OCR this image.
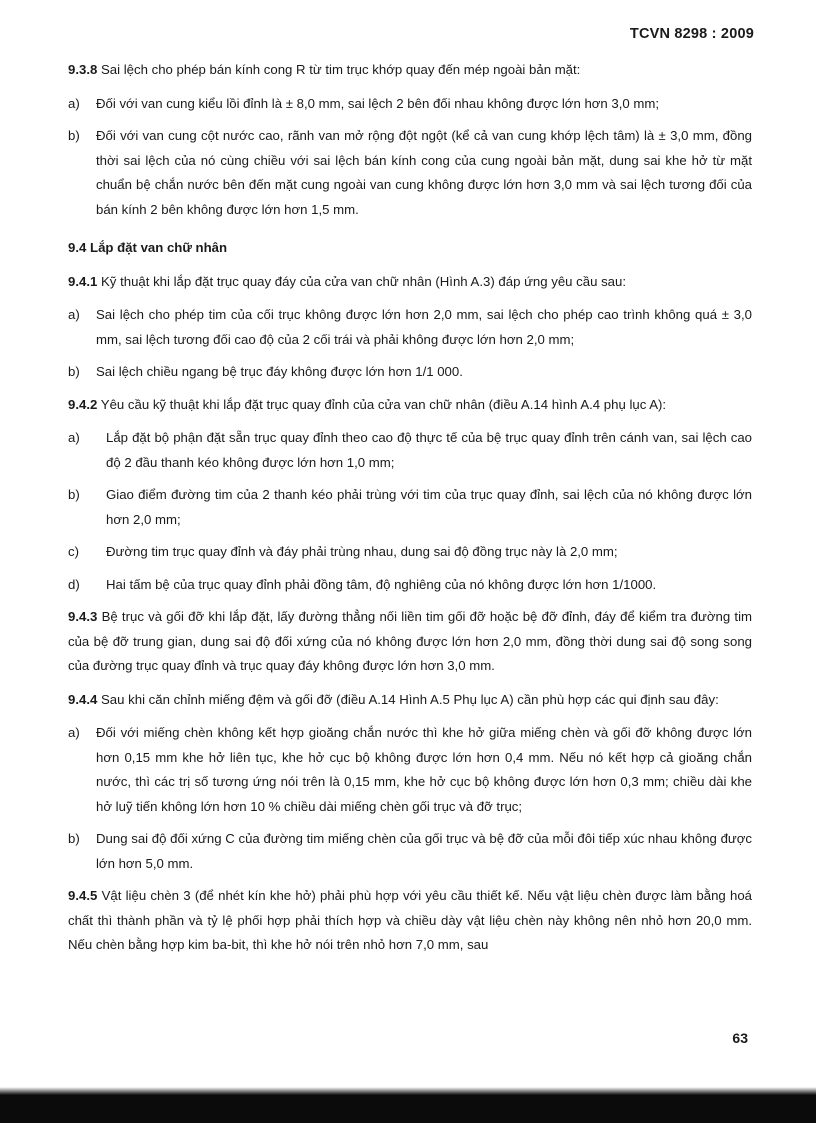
TCVN 8298 : 2009

9.3.8 Sai lệch cho phép bán kính cong R từ tim trục khớp quay đến mép ngoài bản mặt:

a)	Đối với van cung kiểu lồi đỉnh là ± 8,0 mm, sai lệch 2 bên đối nhau không được lớn hơn 3,0 mm;
b)	Đối với van cung cột nước cao, rãnh van mở rộng đột ngột (kể cả van cung khớp lệch tâm) là ± 3,0 mm, đồng thời sai lệch của nó cùng chiều với sai lệch bán kính cong của cung ngoài bản mặt, dung sai khe hở từ mặt chuẩn bệ chắn nước bên đến mặt cung ngoài van cung không được lớn hơn 3,0 mm và sai lệch tương đối của bán kính 2 bên không được lớn hơn 1,5 mm.

9.4 Lắp đặt van chữ nhân

9.4.1 Kỹ thuật khi lắp đặt trục quay đáy của cửa van chữ nhân (Hình A.3) đáp ứng yêu cầu sau:

a)	Sai lệch cho phép tim của cối trục không được lớn hơn 2,0 mm, sai lệch cho phép cao trình không quá ± 3,0 mm, sai lệch tương đối cao độ của 2 cối trái và phải không được lớn hơn 2,0 mm;
b)	Sai lệch chiều ngang bệ trục đáy không được lớn hơn 1/1 000.

9.4.2 Yêu cầu kỹ thuật khi lắp đặt trục quay đỉnh của cửa van chữ nhân (điều A.14 hình A.4 phụ lục A):

a)	Lắp đặt bộ phận đặt sẵn trục quay đỉnh theo cao độ thực tế của bệ trục quay đỉnh trên cánh van, sai lệch cao độ 2 đầu thanh kéo không được lớn hơn 1,0 mm;
b)	Giao điểm đường tim của 2 thanh kéo phải trùng với tim của trục quay đỉnh, sai lệch của nó không được lớn hơn 2,0 mm;
c)	Đường tim trục quay đỉnh và đáy phải trùng nhau, dung sai độ đồng trục này là 2,0 mm;
d)	Hai tấm bệ của trục quay đỉnh phải đồng tâm, độ nghiêng của nó không được lớn hơn 1/1000.

9.4.3 Bệ trục và gối đỡ khi lắp đặt, lấy đường thẳng nối liền tim gối đỡ hoặc bệ đỡ đỉnh, đáy để kiểm tra đường tim của bệ đỡ trung gian, dung sai độ đối xứng của nó không được lớn hơn 2,0 mm, đồng thời dung sai độ song song của đường trục quay đỉnh và trục quay đáy không được lớn hơn 3,0 mm.

9.4.4 Sau khi căn chỉnh miếng đệm và gối đỡ (điều A.14 Hình A.5 Phụ lục A) cần phù hợp các qui định sau đây:

a)	Đối với miếng chèn không kết hợp gioăng chắn nước thì khe hở giữa miếng chèn và gối đỡ không được lớn hơn 0,15 mm khe hở liên tục, khe hở cục bộ không được lớn hơn 0,4 mm. Nếu nó kết hợp cả gioăng chắn nước, thì các trị số tương ứng nói trên là 0,15 mm, khe hở cục bộ không được lớn hơn 0,3 mm; chiều dài khe hở luỹ tiến không lớn hơn 10 % chiều dài miếng chèn gối trục và đỡ trục;
b)	Dung sai độ đối xứng C của đường tim miếng chèn của gối trục và bệ đỡ của mỗi đôi tiếp xúc nhau không được lớn hơn 5,0 mm.

9.4.5 Vật liệu chèn 3 (để nhét kín khe hở) phải phù hợp với yêu cầu thiết kế. Nếu vật liệu chèn được làm bằng hoá chất thì thành phần và tỷ lệ phối hợp phải thích hợp và chiều dày vật liệu chèn này không nên nhỏ hơn 20,0 mm. Nếu chèn bằng hợp kim ba-bit, thì khe hở nói trên nhỏ hơn 7,0 mm, sau

63
